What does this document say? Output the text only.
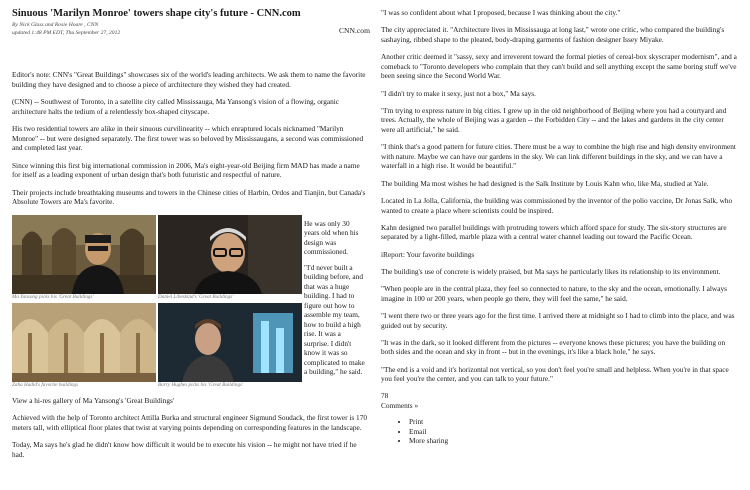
Sinuous 'Marilyn Monroe' towers shape city's future - CNN.com
By Nick Glass and Rosie Hoare , CNN
updated 1:48 PM EDT, Thu September 27, 2012	CNN.com

Editor's note: CNN's "Great Buildings" showcases six of the world's leading architects. We ask them to name the favorite building they have designed and to choose a piece of architecture they wished they had created.

(CNN) -- Southwest of Toronto, in a satellite city called Mississauga, Ma Yansong's vision of a flowing, organic architecture halts the tedium of a relentlessly box-shaped cityscape.

His two residential towers are alike in their sinuous curvilinearity -- which enraptured locals nicknamed "Marilyn Monroe" -- but were designed separately. The first tower was so beloved by Mississaugans, a second was commissioned and completed last year.

Since winning this first big international commission in 2006, Ma's eight-year-old Beijing firm MAD has made a name for itself as a leading exponent of urban design that's both futuristic and respectful of nature.

Their projects include breathtaking museums and towers in the Chinese cities of Harbin, Ordos and Tianjin, but Canada's Absolute Towers are Ma's favorite.

Ma Yansong picks his 'Great Buildings'	Daniel Libeskind's 'Great Buildings'
Zaha Hadid's favorite buildings	Barry Hughes picks his 'Great Buildings'

He was only 30 years old when his design was commissioned.

"I'd never built a building before, and that was a huge building. I had to figure out how to assemble my team, how to build a high rise. It was a surprise. I didn't know it was so complicated to make a building," he said.

View a hi-res gallery of Ma Yansong's 'Great Buildings'

Achieved with the help of Toronto architect Attilla Burka and structural engineer Sigmund Soudack, the first tower is 170 meters tall, with elliptical floor plates that twist at varying points depending on corresponding features in the landscape.

Today, Ma says he's glad he didn't know how difficult it would be to execute his vision -- he might not have tried if he had.

"I was so confident about what I proposed, because I was thinking about the city."

The city appreciated it. "Architecture lives in Mississauga at long last," wrote one critic, who compared the building's sashaying, ribbed shape to the pleated, body-draping garments of fashion designer Issey Miyake.

Another critic deemed it "sassy, sexy and irreverent toward the formal pieties of cereal-box skyscraper modernism", and a comeback to "Toronto developers who complain that they can't build and sell anything except the same boring stuff we've been seeing since the Second World War.

"I didn't try to make it sexy, just not a box," Ma says.

"I'm trying to express nature in big cities. I grew up in the old neighborhood of Beijing where you had a courtyard and trees. Actually, the whole of Beijing was a garden -- the Forbidden City -- and the lakes and gardens in the city center were all artificial," he said.

"I think that's a good pattern for future cities. There must be a way to combine the high rise and high density environment with nature. Maybe we can have our gardens in the sky. We can link different buildings in the sky, and we can have a waterfall in a high rise. It would be beautiful."

The building Ma most wishes he had designed is the Salk Institute by Louis Kahn who, like Ma, studied at Yale.

Located in La Jolla, California, the building was commissioned by the inventor of the polio vaccine, Dr Jonas Salk, who wanted to create a place where scientists could be inspired.

Kahn designed two parallel buildings with protruding towers which afford space for study. The six-story structures are separated by a light-filled, marble plaza with a central water channel leading out toward the Pacific Ocean.

iReport: Your favorite buildings

The building's use of concrete is widely praised, but Ma says he particularly likes its relationship to its environment.

"When people are in the central plaza, they feel so connected to nature, to the sky and the ocean, emotionally. I always imagine in 100 or 200 years, when people go there, they will feel the same," he said.

"I went there two or three years ago for the first time. I arrived there at midnight so I had to climb into the place, and was guided out by security.

"It was in the dark, so it looked different from the pictures -- everyone knows these pictures; you have the building on both sides and the ocean and sky in front -- but in the evenings, it's like a black hole," he says.

"The end is a void and it's horizontal not vertical, so you don't feel you're small and helpless. When you're in that space you feel you're the center, and you can talk to your future."

78
Comments »
• Print
• Email
• More sharing
